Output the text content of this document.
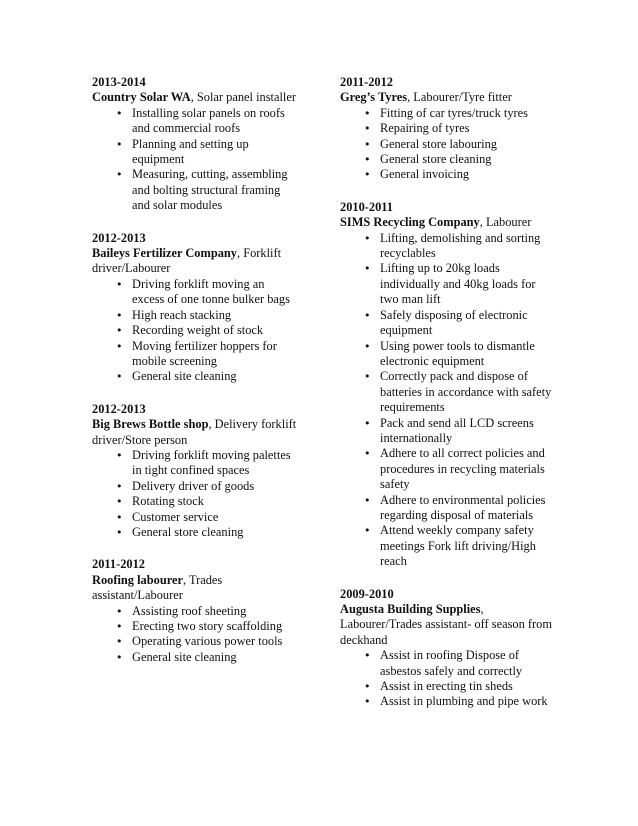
2013-2014
Country Solar WA, Solar panel installer
• Installing solar panels on roofs and commercial roofs
• Planning and setting up equipment
• Measuring, cutting, assembling and bolting structural framing and solar modules
2012-2013
Baileys Fertilizer Company, Forklift driver/Labourer
• Driving forklift moving an excess of one tonne bulker bags
• High reach stacking
• Recording weight of stock
• Moving fertilizer hoppers for mobile screening
• General site cleaning
2012-2013
Big Brews Bottle shop, Delivery forklift driver/Store person
• Driving forklift moving palettes in tight confined spaces
• Delivery driver of goods
• Rotating stock
• Customer service
• General store cleaning
2011-2012
Roofing labourer, Trades assistant/Labourer
• Assisting roof sheeting
• Erecting two story scaffolding
• Operating various power tools
• General site cleaning
2011-2012
Greg’s Tyres, Labourer/Tyre fitter
• Fitting of car tyres/truck tyres
• Repairing of tyres
• General store labouring
• General store cleaning
• General invoicing
2010-2011
SIMS Recycling Company, Labourer
• Lifting, demolishing and sorting recyclables
• Lifting up to 20kg loads individually and 40kg loads for two man lift
• Safely disposing of electronic equipment
• Using power tools to dismantle electronic equipment
• Correctly pack and dispose of batteries in accordance with safety requirements
• Pack and send all LCD screens internationally
• Adhere to all correct policies and procedures in recycling materials safety
• Adhere to environmental policies regarding disposal of materials
• Attend weekly company safety meetings Fork lift driving/High reach
2009-2010
Augusta Building Supplies, Labourer/Trades assistant- off season from deckhand
• Assist in roofing Dispose of asbestos safely and correctly
• Assist in erecting tin sheds
• Assist in plumbing and pipe work
